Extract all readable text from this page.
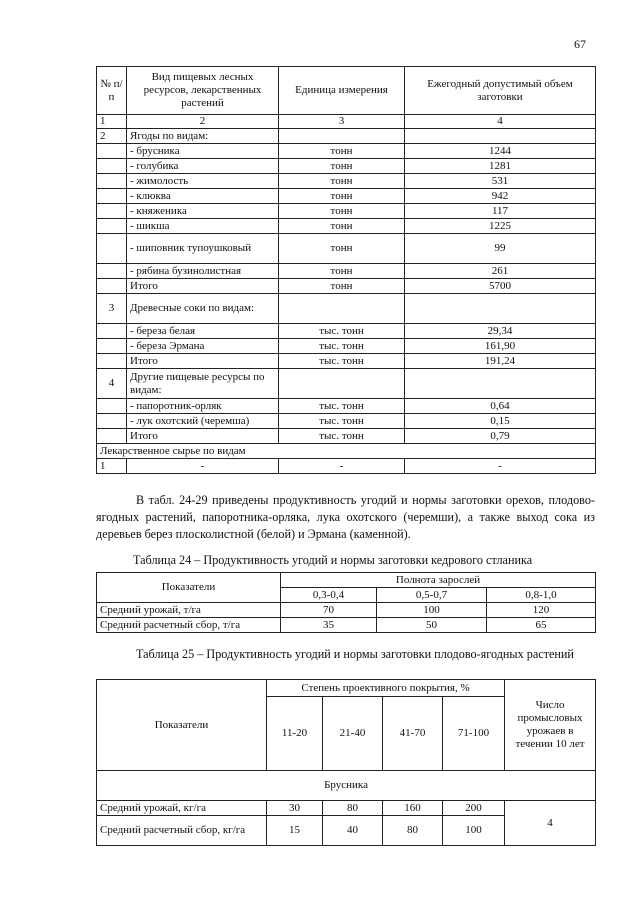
67
№ п/п	Вид пищевых лесных ресурсов, лекарственных растений	Единица измерения	Ежегодный допустимый объем заготовки
1	2	3	4
2	Ягоды по видам:		
	- брусника	тонн	1244
	- голубика	тонн	1281
	- жимолость	тонн	531
	- клюква	тонн	942
	- княженика	тонн	117
	- шикша	тонн	1225
	- шиповник тупоушковый	тонн	99
	- рябина бузинолистная	тонн	261
	Итого	тонн	5700
3	Древесные соки по видам:		
	- береза белая	тыс. тонн	29,34
	- береза Эрмана	тыс. тонн	161,90
	Итого	тыс. тонн	191,24
4	Другие пищевые ресурсы по видам:		
	- папоротник-орляк	тыс. тонн	0,64
	- лук охотский (черемша)	тыс. тонн	0,15
	Итого	тыс. тонн	0,79
Лекарственное сырье по видам			
1	-	-	-
В табл. 24-29 приведены продуктивность угодий и нормы заготовки орехов, плодово-ягодных растений, папоротника-орляка, лука охотского (черемши), а также выход сока из деревьев берез плосколистной (белой) и Эрмана (каменной).
Таблица 24 – Продуктивность угодий и нормы заготовки кедрового стланика
Показатели	Полнота зарослей		
	0,3-0,4	0,5-0,7	0,8-1,0
Средний урожай, т/га	70	100	120
Средний расчетный сбор, т/га	35	50	65
Таблица 25 – Продуктивность угодий и нормы заготовки плодово-ягодных растений
Показатели	Степень проективного покрытия, %				Число промысловых урожаев в течении 10 лет
	11-20	21-40	41-70	71-100	
Брусника					
Средний урожай, кг/га	30	80	160	200	4
Средний расчетный сбор, кг/га	15	40	80	100	
